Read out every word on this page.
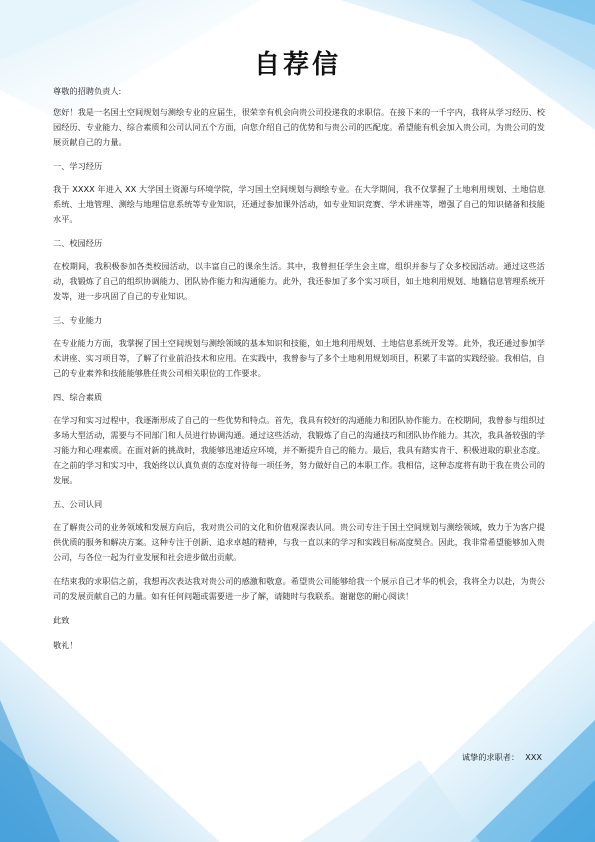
自荐信

尊敬的招聘负责人:

您好！我是一名国土空间规划与测绘专业的应届生，很荣幸有机会向贵公司投递我的求职信。在接下来的一千字内，我将从学习经历、校园经历、专业能力、综合素质和公司认同五个方面，向您介绍自己的优势和与贵公司的匹配度。希望能有机会加入贵公司，为贵公司的发展贡献自己的力量。

一、学习经历

我于 XXXX 年进入 XX 大学国土资源与环境学院，学习国土空间规划与测绘专业。在大学期间，我不仅掌握了土地利用规划、土地信息系统、土地管理、测绘与地理信息系统等专业知识，还通过参加课外活动，如专业知识竞赛、学术讲座等，增强了自己的知识储备和技能水平。

二、校园经历

在校期间，我积极参加各类校园活动，以丰富自己的课余生活。其中，我曾担任学生会主席，组织并参与了众多校园活动。通过这些活动，我锻炼了自己的组织协调能力、团队协作能力和沟通能力。此外，我还参加了多个实习项目，如土地利用规划、地籍信息管理系统开发等，进一步巩固了自己的专业知识。

三、专业能力

在专业能力方面，我掌握了国土空间规划与测绘领域的基本知识和技能，如土地利用规划、土地信息系统开发等。此外，我还通过参加学术讲座、实习项目等，了解了行业前沿技术和应用。在实践中，我曾参与了多个土地利用规划项目，积累了丰富的实践经验。我相信，自己的专业素养和技能能够胜任贵公司相关职位的工作要求。

四、综合素质

在学习和实习过程中，我逐渐形成了自己的一些优势和特点。首先，我具有较好的沟通能力和团队协作能力。在校期间，我曾参与组织过多场大型活动，需要与不同部门和人员进行协调沟通。通过这些活动，我锻炼了自己的沟通技巧和团队协作能力。其次，我具备较强的学习能力和心理素质。在面对新的挑战时，我能够迅速适应环境，并不断提升自己的能力。最后，我具有踏实肯干、积极进取的职业态度。在之前的学习和实习中，我始终以认真负责的态度对待每一项任务，努力做好自己的本职工作。我相信，这种态度将有助于我在贵公司的发展。

五、公司认同

在了解贵公司的业务领域和发展方向后，我对贵公司的文化和价值观深表认同。贵公司专注于国土空间规划与测绘领域，致力于为客户提供优质的服务和解决方案。这种专注于创新、追求卓越的精神，与我一直以来的学习和实践目标高度契合。因此，我非常希望能够加入贵公司，与各位一起为行业发展和社会进步做出贡献。

在结束我的求职信之前，我想再次表达我对贵公司的感激和敬意。希望贵公司能够给我一个展示自己才华的机会，我将全力以赴，为贵公司的发展贡献自己的力量。如有任何问题或需要进一步了解，请随时与我联系。谢谢您的耐心阅读！

此致

敬礼！

诚挚的求职者： XXX
